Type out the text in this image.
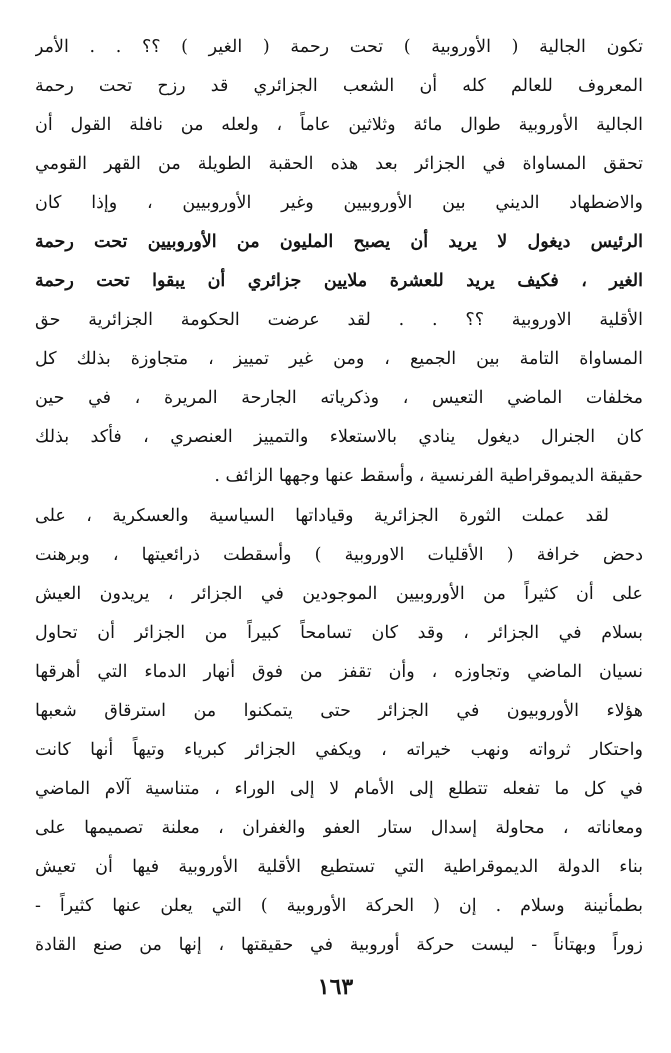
تكون الجالية ( الأوروبية ) تحت رحمة ( الغير ) ؟؟ . . الأمر
المعروف للعالم كله أن الشعب الجزائري قد رزح تحت رحمة
الجالية الأوروبية طوال مائة وثلاثين عاماً ، ولعله من نافلة القول أن
تحقق المساواة في الجزائر بعد هذه الحقبة الطويلة من القهر القومي
والاضطهاد الديني بين الأوروبيين وغير الأوروبيين ، وإذا كان
الرئيس ديغول لا يريد أن يصبح المليون من الأوروبيين تحت رحمة
الغير ، فكيف يريد للعشرة ملايين جزائري أن يبقوا تحت رحمة
الأقلية الاوروبية ؟؟ . . لقد عرضت الحكومة الجزائرية حق
المساواة التامة بين الجميع ، ومن غير تمييز ، متجاوزة بذلك كل
مخلفات الماضي التعيس ، وذكرياته الجارحة المريرة ، في حين
كان الجنرال ديغول ينادي بالاستعلاء والتمييز العنصري ، فأكد بذلك
حقيقة الديموقراطية الفرنسية ، وأسقط عنها وجهها الزائف .
لقد عملت الثورة الجزائرية وقياداتها السياسية والعسكرية ، على
دحض خرافة ( الأقليات الاوروبية ) وأسقطت ذرائعيتها ، وبرهنت
على أن كثيراً من الأوروبيين الموجودين في الجزائر ، يريدون العيش
بسلام في الجزائر ، وقد كان تسامحاً كبيراً من الجزائر أن تحاول
نسيان الماضي وتجاوزه ، وأن تقفز من فوق أنهار الدماء التي أهرقها
هؤلاء الأوروبيون في الجزائر حتى يتمكنوا من استرقاق شعبها
واحتكار ثرواته ونهب خيراته ، ويكفي الجزائر كبرياء وتيهاً أنها كانت
في كل ما تفعله تتطلع إلى الأمام لا إلى الوراء ، متناسية آلام الماضي
ومعاناته ، محاولة إسدال ستار العفو والغفران ، معلنة تصميمها على
بناء الدولة الديموقراطية التي تستطيع الأقلية الأوروبية فيها أن تعيش
بطمأنينة وسلام . إن ( الحركة الأوروبية ) التي يعلن عنها كثيراً -
زوراً وبهتاناً - ليست حركة أوروبية في حقيقتها ، إنها من صنع القادة
١٦٣
